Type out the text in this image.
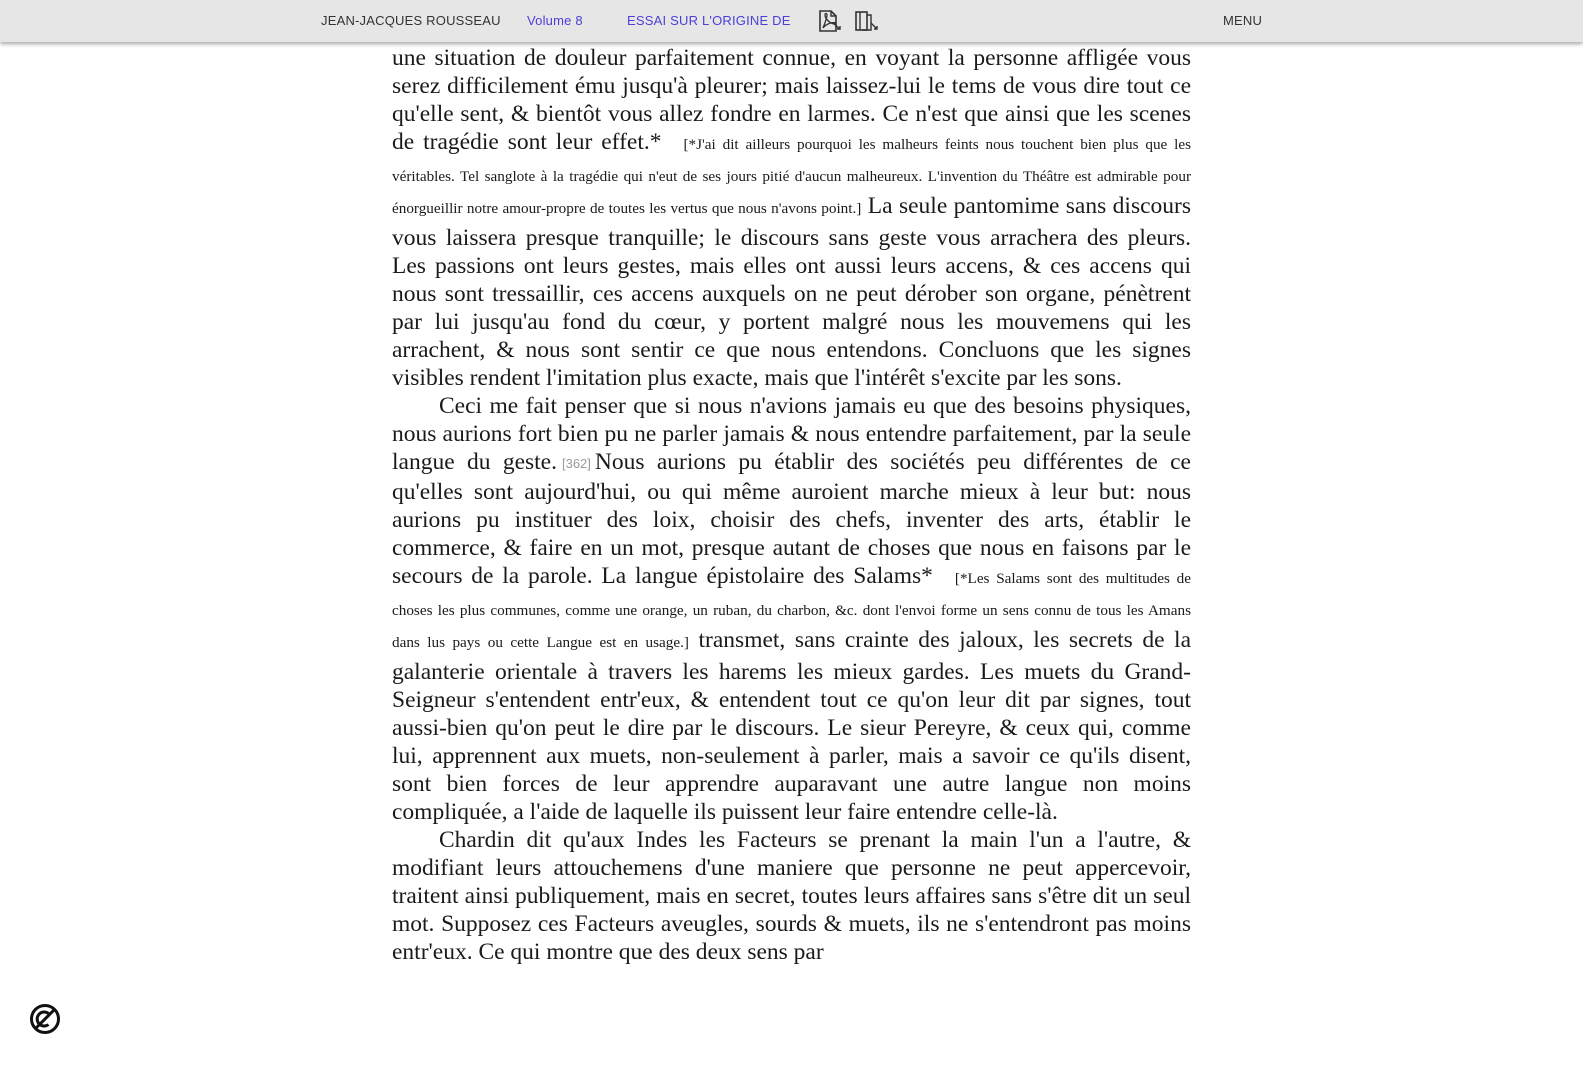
JEAN-JACQUES ROUSSEAU Volume 8	ESSAI SUR L'ORIGINE DE	MENU

une situation de douleur parfaitement connue, en voyant la personne affligée vous serez difficilement ému jusqu'à pleurer; mais laissez-lui le tems de vous dire tout ce qu'elle sent, & bientôt vous allez fondre en larmes. Ce n'est que ainsi que les scenes de tragédie sont leur effet.* [*J'ai dit ailleurs pourquoi les malheurs feints nous touchent bien plus que les véritables. Tel sanglote à la tragédie qui n'eut de ses jours pitié d'aucun malheureux. L'invention du Théâtre est admirable pour énorgueillir notre amour-propre de toutes les vertus que nous n'avons point.] La seule pantomime sans discours vous laissera presque tranquille; le discours sans geste vous arrachera des pleurs. Les passions ont leurs gestes, mais elles ont aussi leurs accens, & ces accens qui nous sont tressaillir, ces accens auxquels on ne peut dérober son organe, pénètrent par lui jusqu'au fond du cœur, y portent malgré nous les mouvemens qui les arrachent, & nous sont sentir ce que nous entendons. Concluons que les signes visibles rendent l'imitation plus exacte, mais que l'intérêt s'excite par les sons.

Ceci me fait penser que si nous n'avions jamais eu que des besoins physiques, nous aurions fort bien pu ne parler jamais & nous entendre parfaitement, par la seule langue du geste. [362] Nous aurions pu établir des sociétés peu différentes de ce qu'elles sont aujourd'hui, ou qui même auroient marche mieux à leur but: nous aurions pu instituer des loix, choisir des chefs, inventer des arts, établir le commerce, & faire en un mot, presque autant de choses que nous en faisons par le secours de la parole. La langue épistolaire des Salams* [*Les Salams sont des multitudes de choses les plus communes, comme une orange, un ruban, du charbon, &c. dont l'envoi forme un sens connu de tous les Amans dans lus pays ou cette Langue est en usage.] transmet, sans crainte des jaloux, les secrets de la galanterie orientale à travers les harems les mieux gardes. Les muets du Grand-Seigneur s'entendent entr'eux, & entendent tout ce qu'on leur dit par signes, tout aussi-bien qu'on peut le dire par le discours. Le sieur Pereyre, & ceux qui, comme lui, apprennent aux muets, non-seulement à parler, mais a savoir ce qu'ils disent, sont bien forces de leur apprendre auparavant une autre langue non moins compliquée, a l'aide de laquelle ils puissent leur faire entendre celle-là.

Chardin dit qu'aux Indes les Facteurs se prenant la main l'un a l'autre, & modifiant leurs attouchemens d'une maniere que personne ne peut appercevoir, traitent ainsi publiquement, mais en secret, toutes leurs affaires sans s'être dit un seul mot. Supposez ces Facteurs aveugles, sourds & muets, ils ne s'entendront pas moins entr'eux. Ce qui montre que des deux sens par
